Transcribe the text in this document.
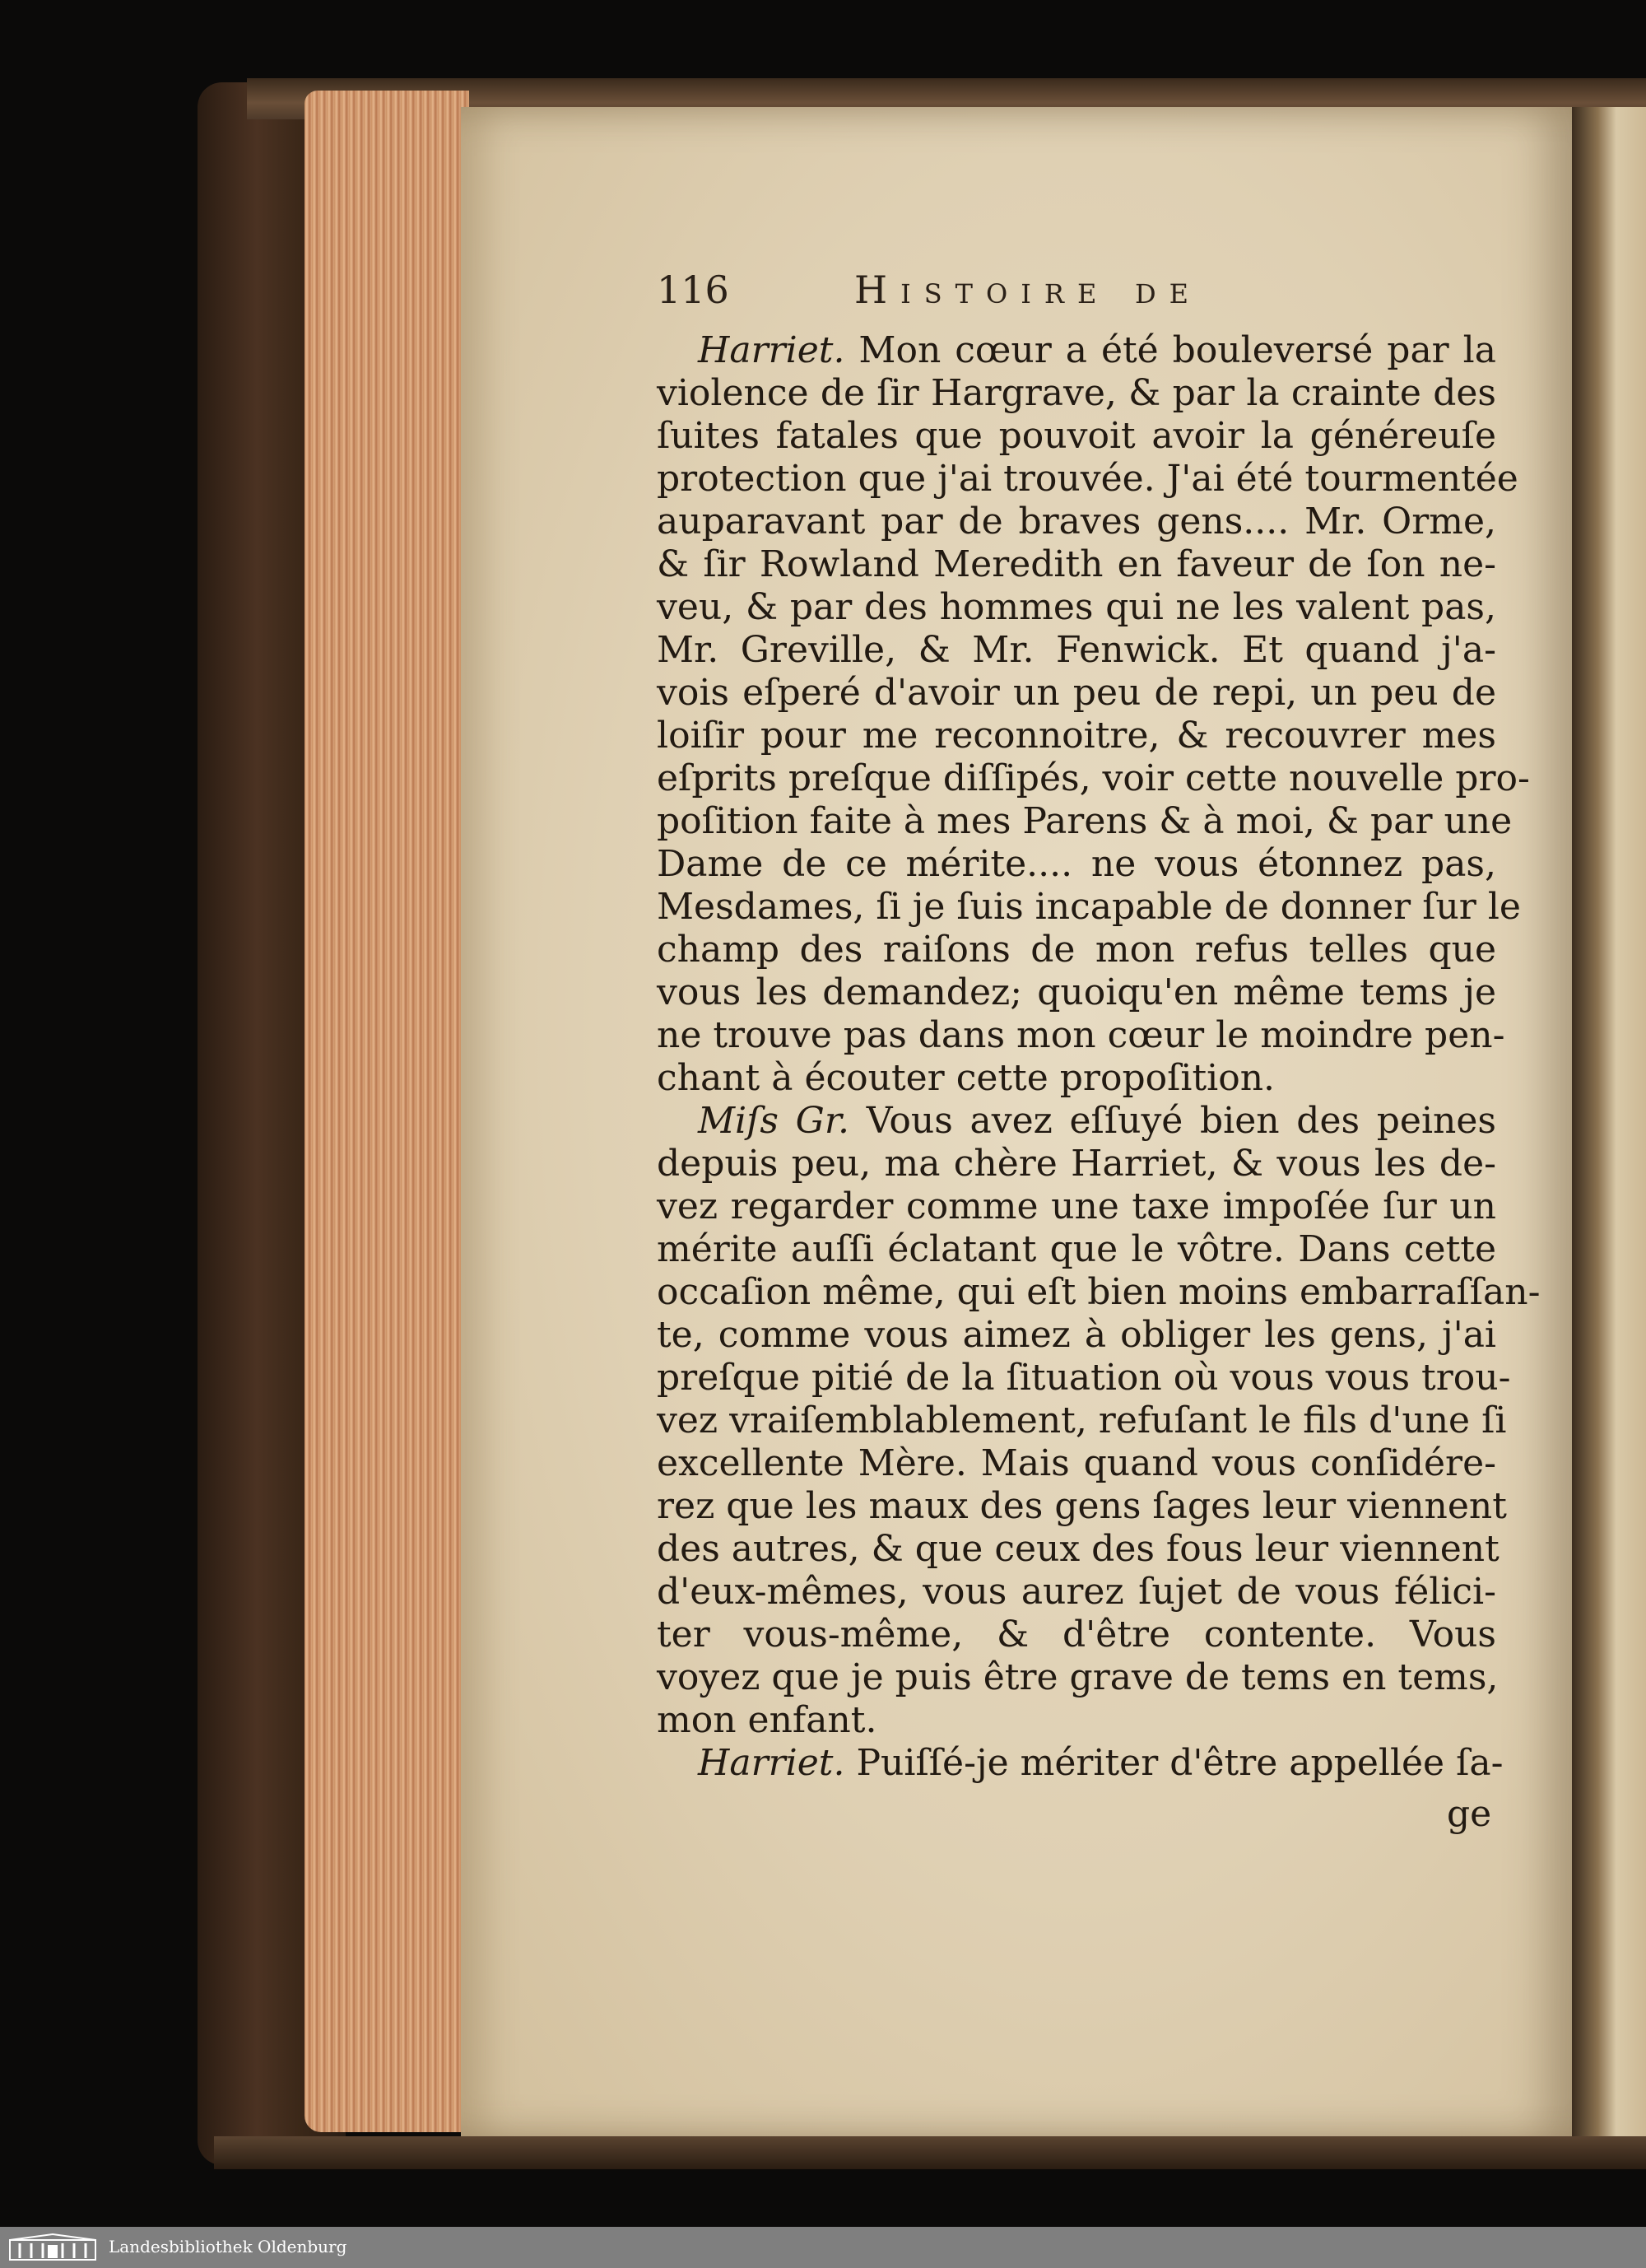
116	Histoire de
Harriet. Mon cœur a été bouleversé par la
violence de ſir Hargrave, & par la crainte des
ſuites fatales que pouvoit avoir la généreuſe
protection que j'ai trouvée. J'ai été tourmentée
auparavant par de braves gens.... Mr. Orme,
& ſir Rowland Meredith en faveur de ſon ne-
veu, & par des hommes qui ne les valent pas,
Mr. Greville, & Mr. Fenwick. Et quand j'a-
vois eſperé d'avoir un peu de repi, un peu de
loiſir pour me reconnoitre, & recouvrer mes
eſprits preſque diſſipés, voir cette nouvelle pro-
poſition faite à mes Parens & à moi, & par une
Dame de ce mérite.... ne vous étonnez pas,
Mesdames, ſi je ſuis incapable de donner ſur le
champ des raiſons de mon refus telles que
vous les demandez; quoiqu'en même tems je
ne trouve pas dans mon cœur le moindre pen-
chant à écouter cette propoſition.
Miſs Gr. Vous avez eſſuyé bien des peines
depuis peu, ma chère Harriet, & vous les de-
vez regarder comme une taxe impoſée ſur un
mérite auſſi éclatant que le vôtre. Dans cette
occaſion même, qui eſt bien moins embarraſſan-
te, comme vous aimez à obliger les gens, j'ai
preſque pitié de la ſituation où vous vous trou-
vez vraiſemblablement, refuſant le fils d'une ſi
excellente Mère. Mais quand vous conſidére-
rez que les maux des gens ſages leur viennent
des autres, & que ceux des fous leur viennent
d'eux-mêmes, vous aurez ſujet de vous félici-
ter vous-même, & d'être contente. Vous
voyez que je puis être grave de tems en tems,
mon enfant.
Harriet. Puiſſé-je mériter d'être appellée ſa-
ge
Landesbibliothek Oldenburg
